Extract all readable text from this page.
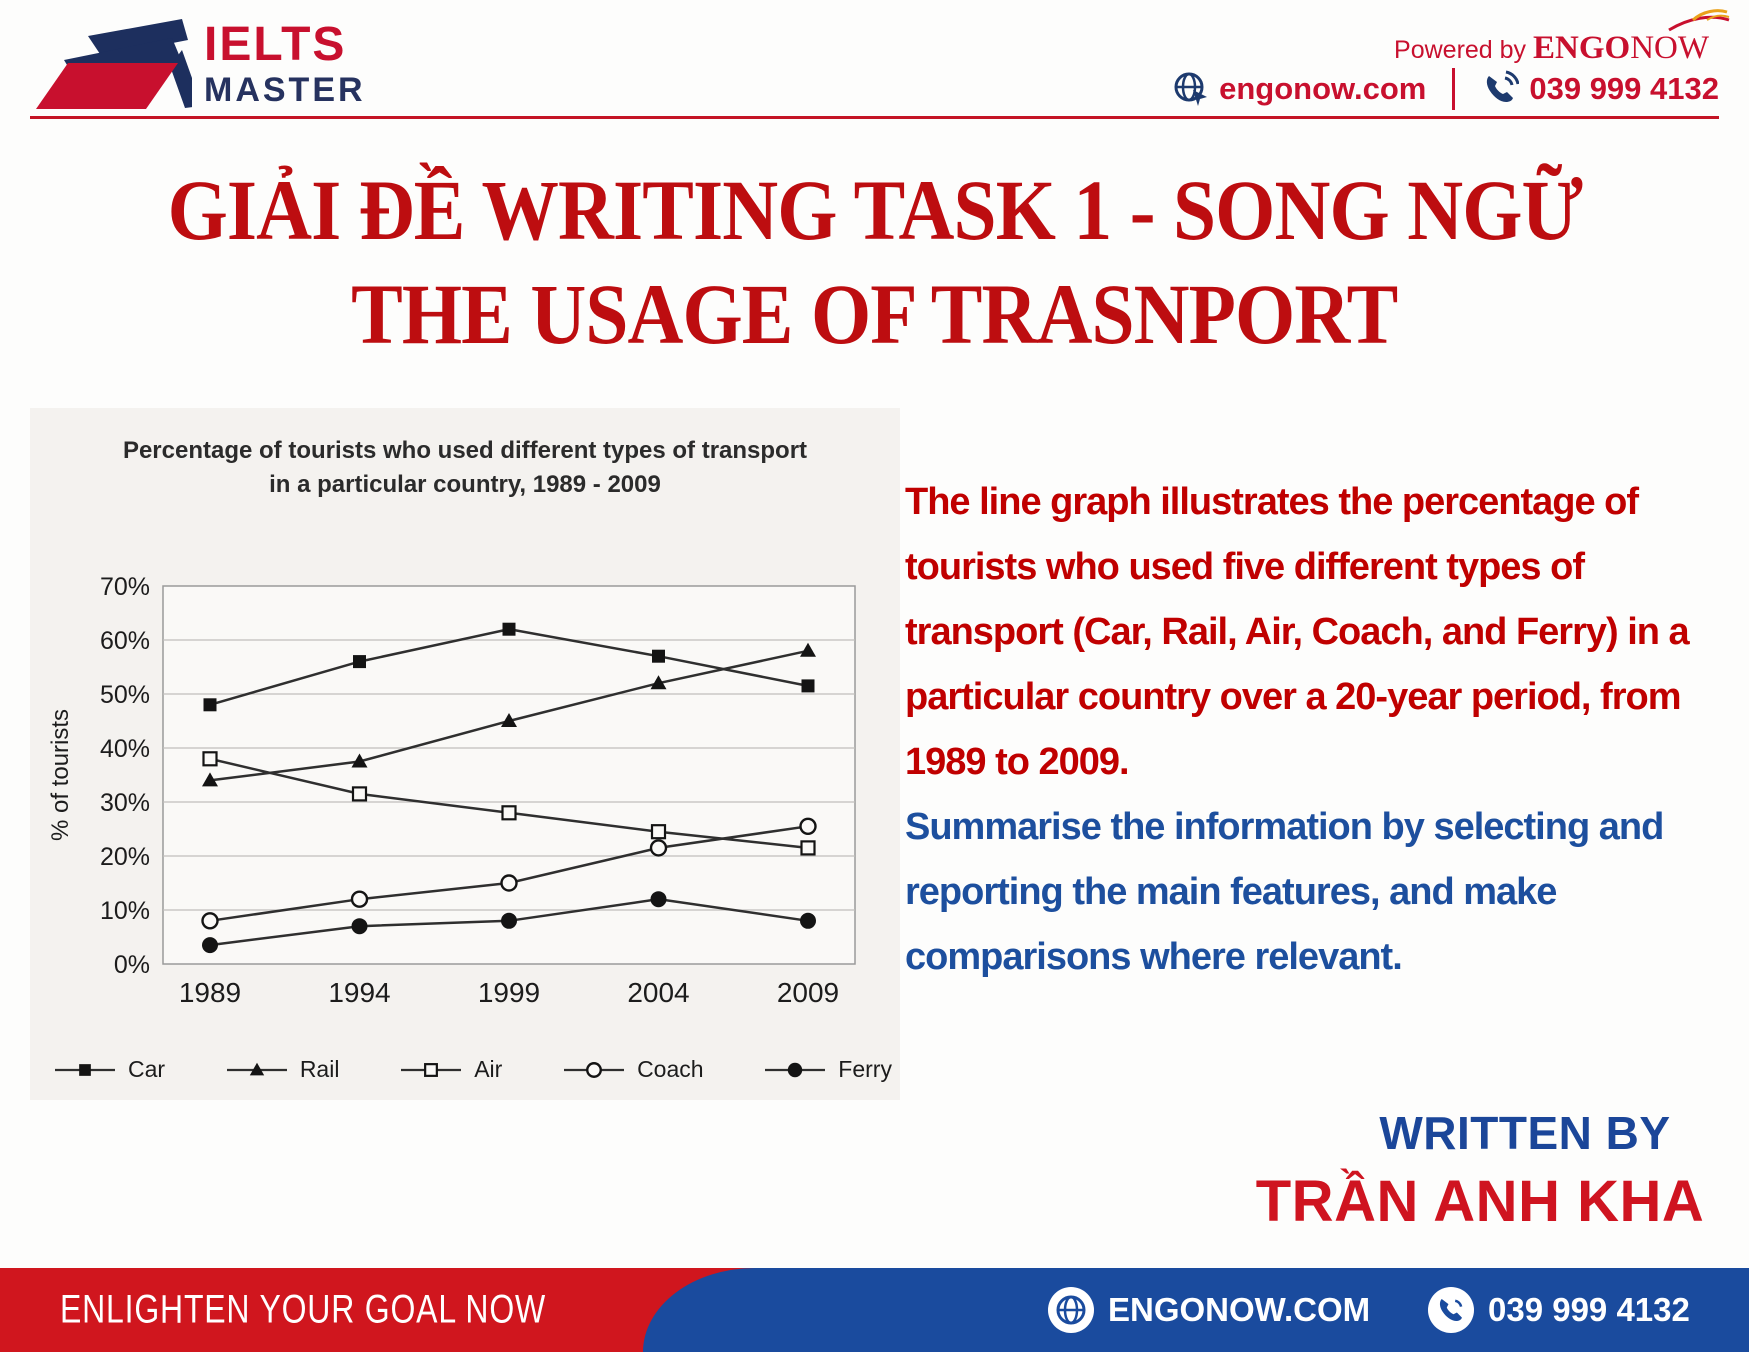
IELTS
MASTER
Powered by ENGONOW
engonow.com	039 999 4132
GIẢI ĐỀ WRITING TASK 1 - SONG NGỮ
THE USAGE OF TRASNPORT
Percentage of tourists who used different types of transport
in a particular country, 1989 - 2009
0%
10%
20%
30%
40%
50%
60%
70%
1989	1994	1999	2004	2009
% of tourists
Car	Rail	Air	Coach	Ferry
The line graph illustrates the percentage of tourists who used five different types of transport (Car, Rail, Air, Coach, and Ferry) in a particular country over a 20-year period, from 1989 to 2009.
Summarise the information by selecting and reporting the main features, and make comparisons where relevant.
WRITTEN BY
TRẦN ANH KHA
ENLIGHTEN YOUR GOAL NOW	ENGONOW.COM	039 999 4132
